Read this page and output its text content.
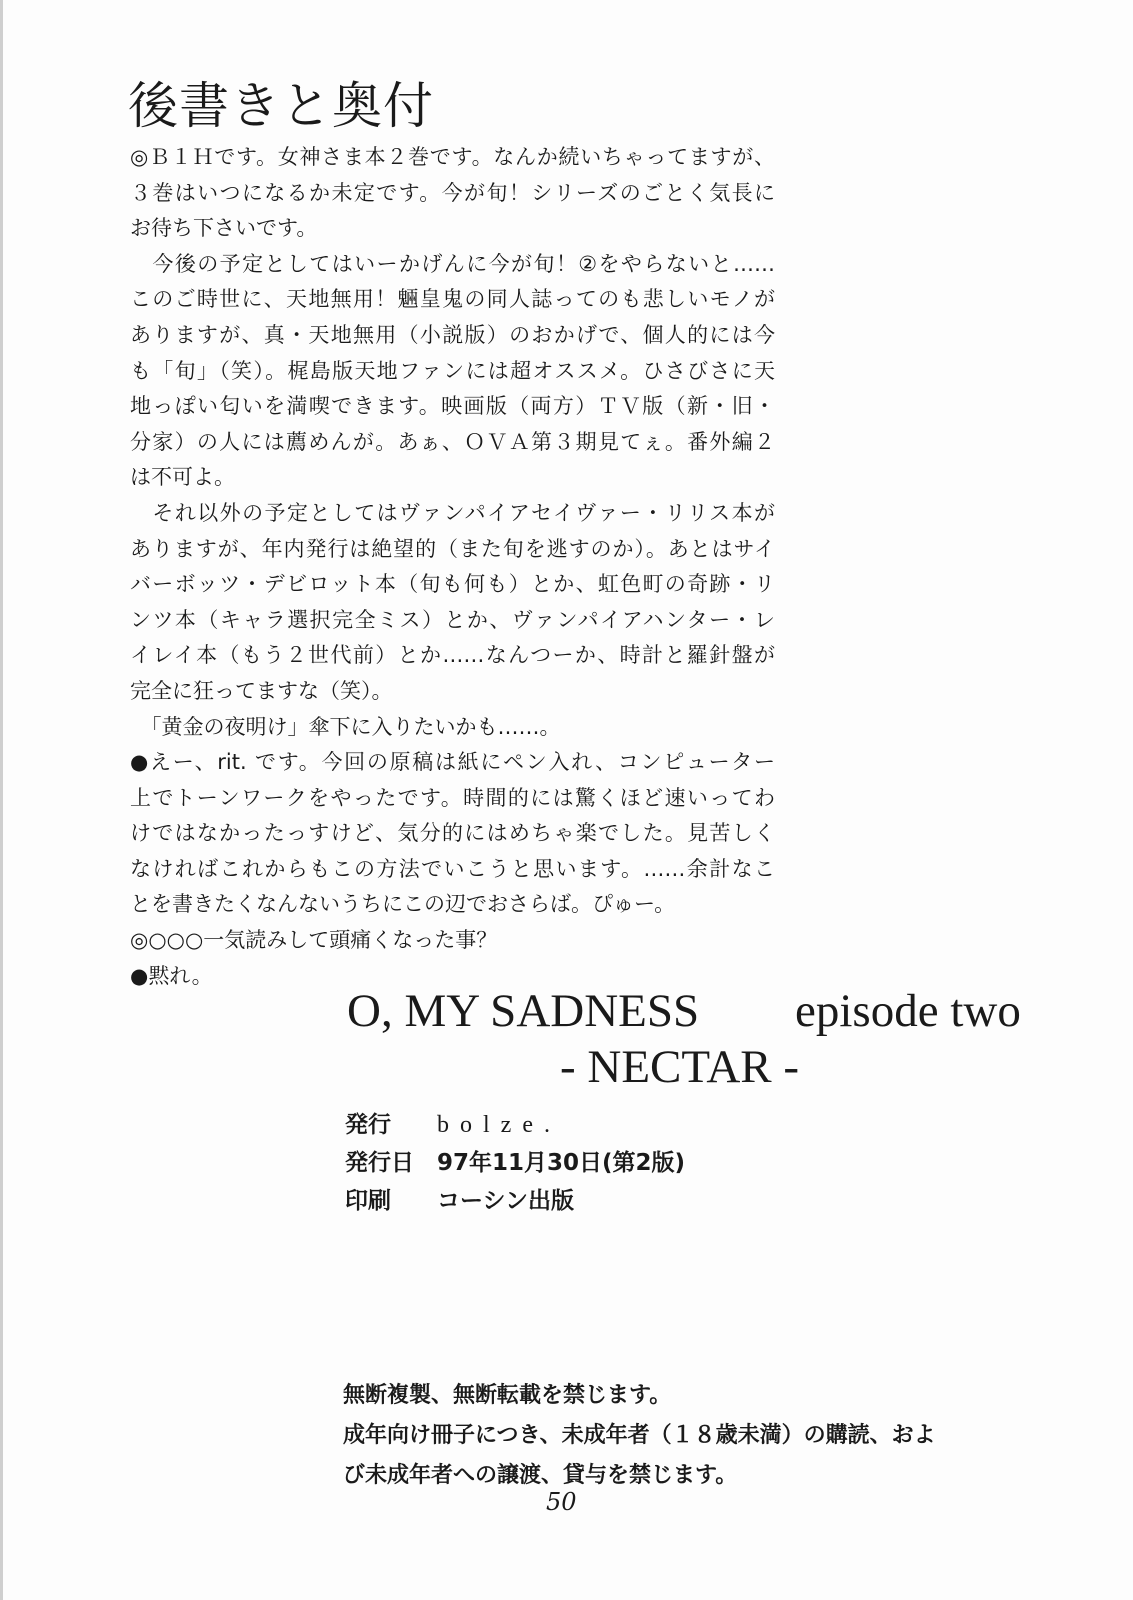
後書きと奥付
◎Ｂ１Ｈです。女神さま本２巻です。なんか続いちゃってますが、
３巻はいつになるか未定です。今が旬！シリーズのごとく気長に
お待ち下さいです。
　今後の予定としてはいーかげんに今が旬！②をやらないと……
このご時世に、天地無用！魎皇鬼の同人誌ってのも悲しいモノが
ありますが、真・天地無用（小説版）のおかげで、個人的には今
も「旬」（笑）。梶島版天地ファンには超オススメ。ひさびさに天
地っぽい匂いを満喫できます。映画版（両方）ＴＶ版（新・旧・
分家）の人には薦めんが。あぁ、ＯＶＡ第３期見てぇ。番外編２
は不可よ。
　それ以外の予定としてはヴァンパイアセイヴァー・リリス本が
ありますが、年内発行は絶望的（また旬を逃すのか）。あとはサイ
バーボッツ・デビロット本（旬も何も）とか、虹色町の奇跡・リ
ンツ本（キャラ選択完全ミス）とか、ヴァンパイアハンター・レ
イレイ本（もう２世代前）とか……なんつーか、時計と羅針盤が
完全に狂ってますな（笑）。
　「黄金の夜明け」傘下に入りたいかも……。
●えー、rit. です。今回の原稿は紙にペン入れ、コンピューター
上でトーンワークをやったです。時間的には驚くほど速いってわ
けではなかったっすけど、気分的にはめちゃ楽でした。見苦しく
なければこれからもこの方法でいこうと思います。……余計なこ
とを書きたくなんないうちにこの辺でおさらば。ぴゅー。
◎○○○一気読みして頭痛くなった事？
●黙れ。
O, MY SADNESS episode two
- NECTAR -
発行	bolze.
発行日	97年11月30日(第2版)
印刷	コーシン出版
無断複製、無断転載を禁じます。
成年向け冊子につき、未成年者（１８歳未満）の購読、およ
び未成年者への譲渡、貸与を禁じます。
50
